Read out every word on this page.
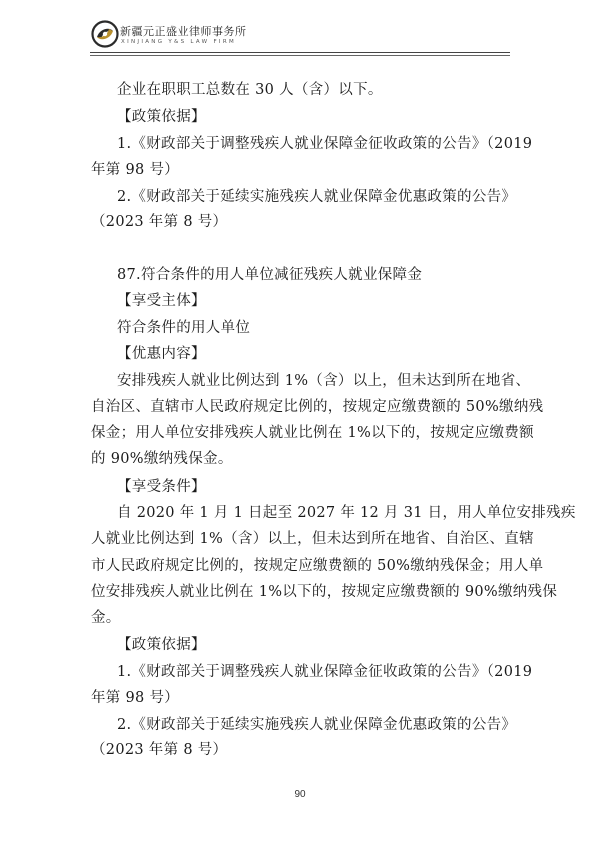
新疆元正盛业律师事务所
XINJIANG Y&S LAW FIRM

企业在职职工总数在 30 人（含）以下。

【政策依据】

1.《财政部关于调整残疾人就业保障金征收政策的公告》（2019

年第 98 号）

2.《财政部关于延续实施残疾人就业保障金优惠政策的公告》

（2023 年第 8 号）

87.符合条件的用人单位减征残疾人就业保障金

【享受主体】

符合条件的用人单位

【优惠内容】

安排残疾人就业比例达到 1%（含）以上，但未达到所在地省、

自治区、直辖市人民政府规定比例的，按规定应缴费额的 50%缴纳残

保金；用人单位安排残疾人就业比例在 1%以下的，按规定应缴费额

的 90%缴纳残保金。

【享受条件】

自 2020 年 1 月 1 日起至 2027 年 12 月 31 日，用人单位安排残疾

人就业比例达到 1%（含）以上，但未达到所在地省、自治区、直辖

市人民政府规定比例的，按规定应缴费额的 50%缴纳残保金；用人单

位安排残疾人就业比例在 1%以下的，按规定应缴费额的 90%缴纳残保

金。

【政策依据】

1.《财政部关于调整残疾人就业保障金征收政策的公告》（2019

年第 98 号）

2.《财政部关于延续实施残疾人就业保障金优惠政策的公告》

（2023 年第 8 号）

90
